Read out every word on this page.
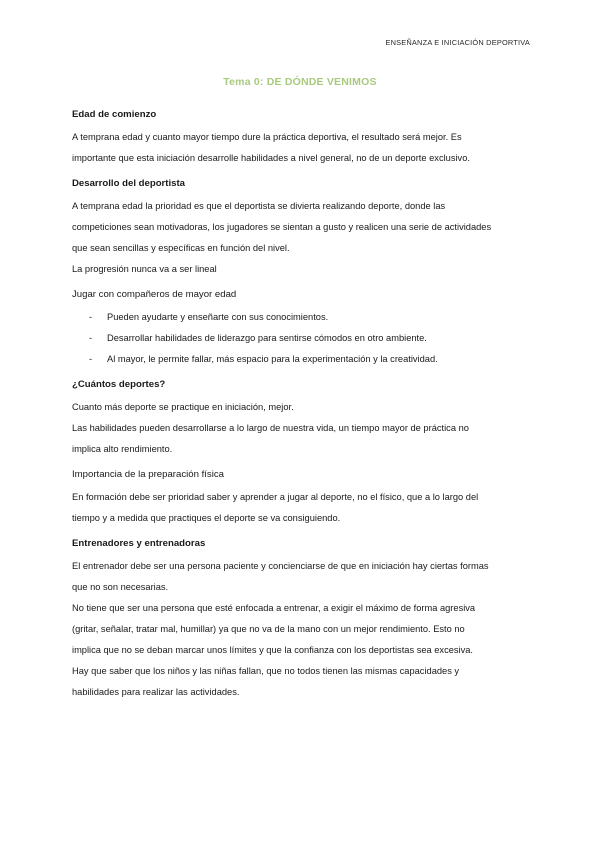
ENSEÑANZA E INICIACIÓN DEPORTIVA
Tema 0: DE DÓNDE VENIMOS

Edad de comienzo

A temprana edad y cuanto mayor tiempo dure la práctica deportiva, el resultado será mejor. Es

importante que esta iniciación desarrolle habilidades a nivel general, no de un deporte exclusivo.

Desarrollo del deportista

A temprana edad la prioridad es que el deportista se divierta realizando deporte, donde las

competiciones sean motivadoras, los jugadores se sientan a gusto y realicen una serie de actividades

que sean sencillas y específicas en función del nivel.

La progresión nunca va a ser lineal

Jugar con compañeros de mayor edad

- Pueden ayudarte y enseñarte con sus conocimientos.
- Desarrollar habilidades de liderazgo para sentirse cómodos en otro ambiente.
- Al mayor, le permite fallar, más espacio para la experimentación y la creatividad.

¿Cuántos deportes?

Cuanto más deporte se practique en iniciación, mejor.

Las habilidades pueden desarrollarse a lo largo de nuestra vida, un tiempo mayor de práctica no

implica alto rendimiento.

Importancia de la preparación física

En formación debe ser prioridad saber y aprender a jugar al deporte, no el físico, que a lo largo del

tiempo y a medida que practiques el deporte se va consiguiendo.

Entrenadores y entrenadoras

El entrenador debe ser una persona paciente y concienciarse de que en iniciación hay ciertas formas

que no son necesarias.

No tiene que ser una persona que esté enfocada a entrenar, a exigir el máximo de forma agresiva

(gritar, señalar, tratar mal, humillar) ya que no va de la mano con un mejor rendimiento. Esto no

implica que no se deban marcar unos límites y que la confianza con los deportistas sea excesiva.

Hay que saber que los niños y las niñas fallan, que no todos tienen las mismas capacidades y

habilidades para realizar las actividades.
